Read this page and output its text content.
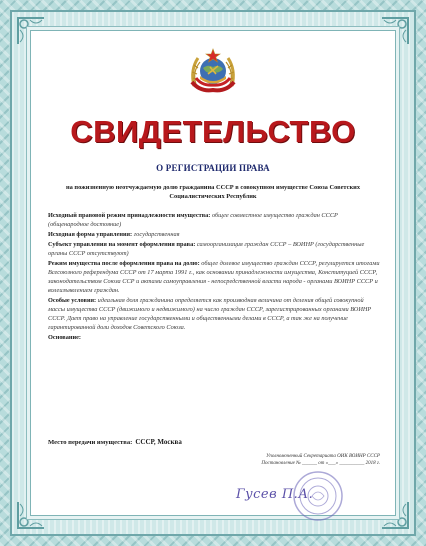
СВИДЕТЕЛЬСТВО
О РЕГИСТРАЦИИ ПРАВА
на пожизненную неотчуждаемую долю гражданина СССР в совокупном имуществе Союза Советских Социалистических Республик

Исходный правовой режим принадлежности имущества: общее совместное имущество граждан СССР (общенародное достояние)

Исходная форма управления: государственная

Субъект управления на момент оформления права: самоорганизация граждан СССР – ВОИНР (государственные органы СССР отсутствуют)

Режим имущества после оформления права на долю: общее долевое имущество граждан СССР, регулируется итогами Всесоюзного референдума СССР от 17 марта 1991 г., как основании принадлежности имущества, Конституцией СССР, законодательством Союза ССР и актами самоуправления - непосредственной власти народа - органами ВОИНР СССР и волеизъявлением граждан.

Особые условия: идеальная доля гражданина определяется как производная величина от деления общей совокупной массы имущества СССР (движимого и недвижимого) на число граждан СССР, зарегистрированных органами ВОИНР СССР. Дает право на управление государственными и общественными делами в СССР, а так же на получение гарантированной доли доходов Советского Союза.

Основание:

Место передачи имущества: СССР, Москва
Уполномоченный Секретариата ОИК ВОИНР СССР
Постановление № ______ от «___» __________ 2018 г.
Гусев П.А.
